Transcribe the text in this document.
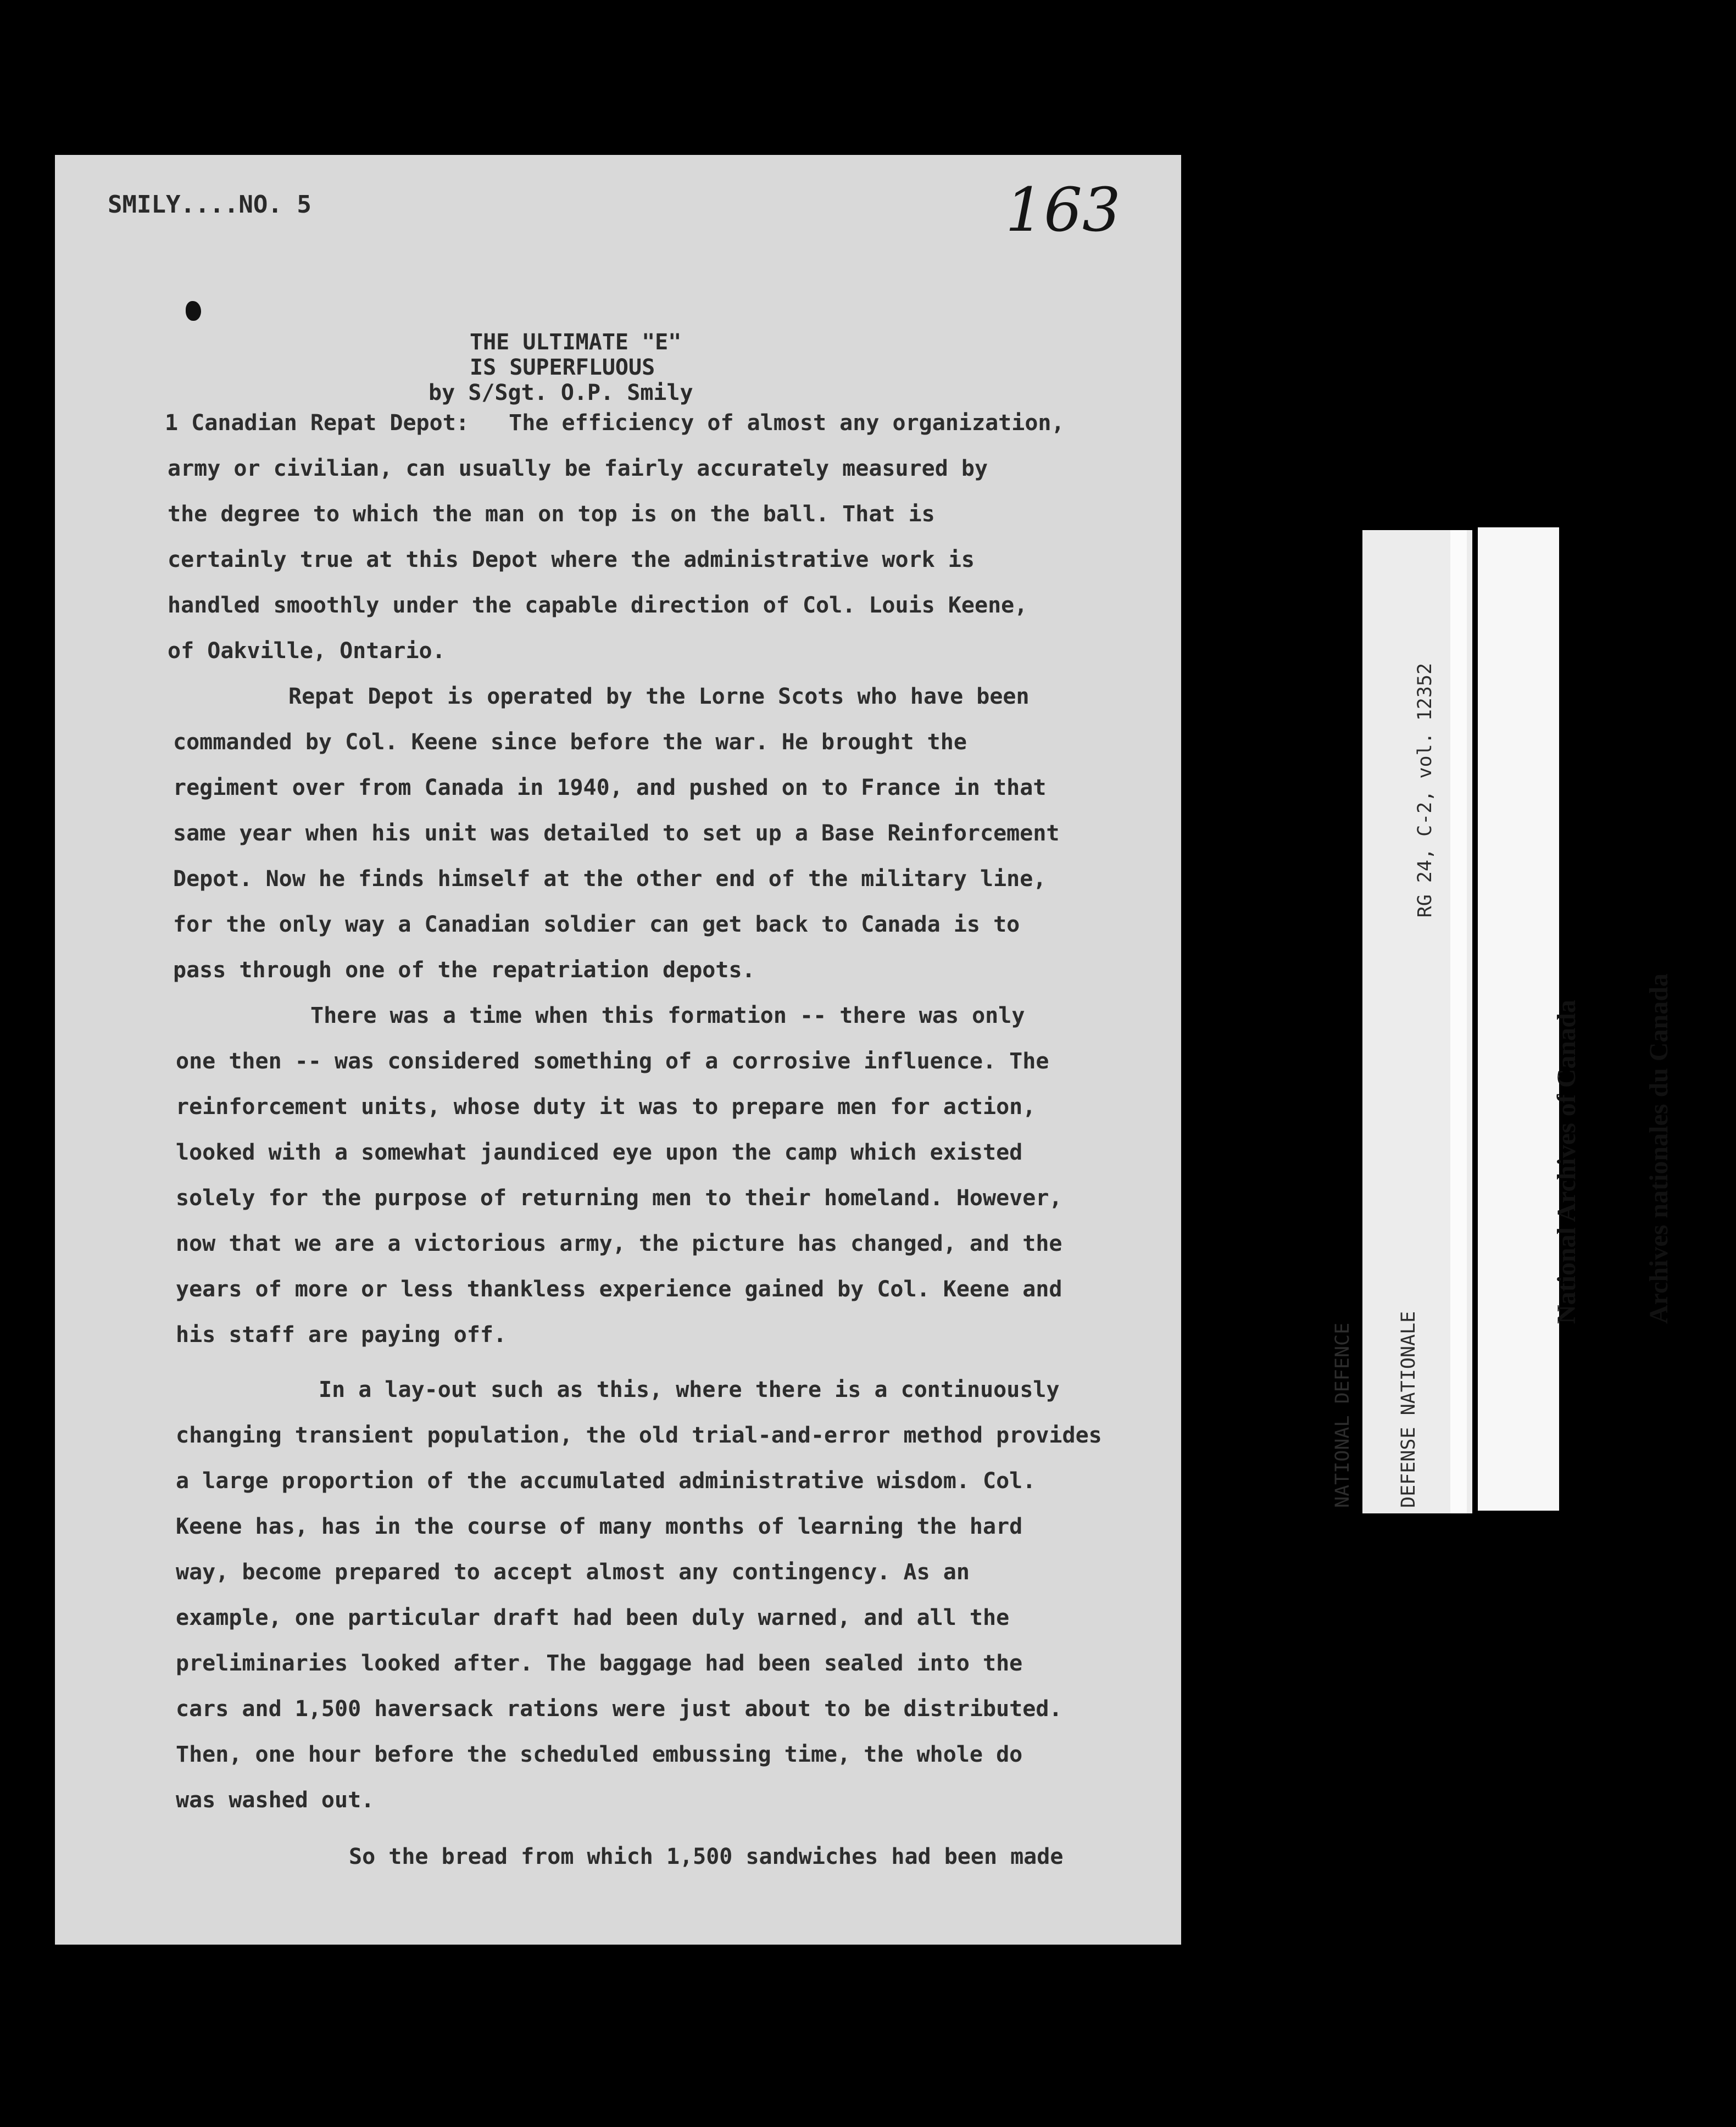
SMILY....NO. 5	163
THE ULTIMATE "E"
IS SUPERFLUOUS
by S/Sgt. O.P. Smily
1 Canadian Repat Depot:   The efficiency of almost any organization,
army or civilian, can usually be fairly accurately measured by
the degree to which the man on top is on the ball. That is
certainly true at this Depot where the administrative work is
handled smoothly under the capable direction of Col. Louis Keene,
of Oakville, Ontario.
Repat Depot is operated by the Lorne Scots who have been
commanded by Col. Keene since before the war. He brought the
regiment over from Canada in 1940, and pushed on to France in that
same year when his unit was detailed to set up a Base Reinforcement
Depot. Now he finds himself at the other end of the military line,
for the only way a Canadian soldier can get back to Canada is to
pass through one of the repatriation depots.
There was a time when this formation -- there was only
one then -- was considered something of a corrosive influence. The
reinforcement units, whose duty it was to prepare men for action,
looked with a somewhat jaundiced eye upon the camp which existed
solely for the purpose of returning men to their homeland. However,
now that we are a victorious army, the picture has changed, and the
years of more or less thankless experience gained by Col. Keene and
his staff are paying off.
In a lay-out such as this, where there is a continuously
changing transient population, the old trial-and-error method provides
a large proportion of the accumulated administrative wisdom. Col.
Keene has, has in the course of many months of learning the hard
way, become prepared to accept almost any contingency. As an
example, one particular draft had been duly warned, and all the
preliminaries looked after. The baggage had been sealed into the
cars and 1,500 haversack rations were just about to be distributed.
Then, one hour before the scheduled embussing time, the whole do
was washed out.
So the bread from which 1,500 sandwiches had been made

RG 24, C-2, vol. 12352

NATIONAL DEFENCE

DEFENSE NATIONALE

National Archives of Canada

Archives nationales du Canada
